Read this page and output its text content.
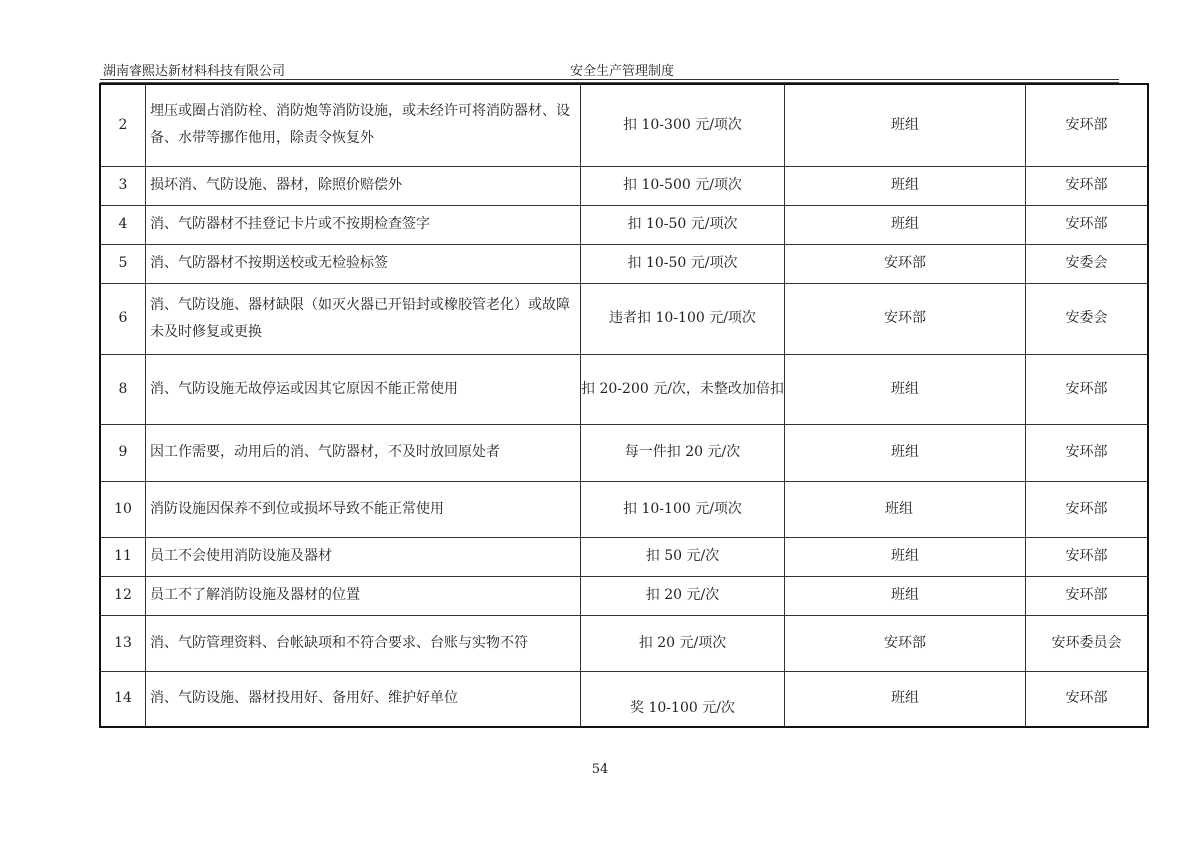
湖南睿熙达新材料科技有限公司	安全生产管理制度
2	埋压或圈占消防栓、消防炮等消防设施，或未经许可将消防器材、设备、水带等挪作他用，除责令恢复外	扣 10-300 元/项次	班组	安环部
3	损坏消、气防设施、器材，除照价赔偿外	扣 10-500 元/项次	班组	安环部
4	消、气防器材不挂登记卡片或不按期检查签字	扣 10-50 元/项次	班组	安环部
5	消、气防器材不按期送校或无检验标签	扣 10-50 元/项次	安环部	安委会
6	消、气防设施、器材缺限（如灭火器已开铅封或橡胶管老化）或故障未及时修复或更换	违者扣 10-100 元/项次	安环部	安委会
8	消、气防设施无故停运或因其它原因不能正常使用	扣 20-200 元/次，未整改加倍扣	班组	安环部
9	因工作需要，动用后的消、气防器材，不及时放回原处者	每一件扣 20 元/次	班组	安环部
10	消防设施因保养不到位或损坏导致不能正常使用	扣 10-100 元/项次	班组	安环部
11	员工不会使用消防设施及器材	扣 50 元/次	班组	安环部
12	员工不了解消防设施及器材的位置	扣 20 元/次	班组	安环部
13	消、气防管理资料、台帐缺项和不符合要求、台账与实物不符	扣 20 元/项次	安环部	安环委员会
14	消、气防设施、器材投用好、备用好、维护好单位	奖 10-100 元/次	班组	安环部
54
